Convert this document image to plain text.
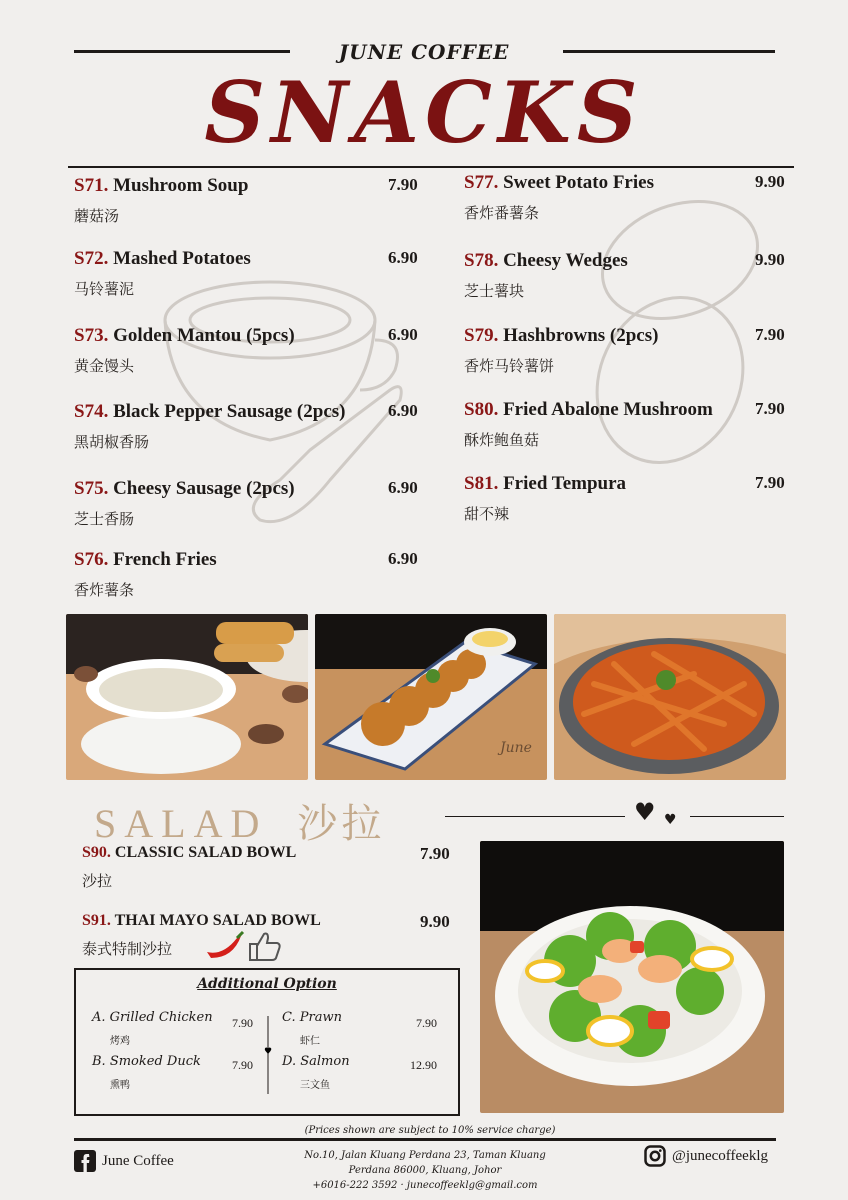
JUNE COFFEE
SNACKS
S71. Mushroom Soup
蘑菇汤
7.90
S72. Mashed Potatoes
马铃薯泥
6.90
S73. Golden Mantou (5pcs)
黄金馒头
6.90
S74. Black Pepper Sausage (2pcs)
黑胡椒香肠
6.90
S75. Cheesy Sausage (2pcs)
芝士香肠
6.90
S76. French Fries
香炸薯条
6.90
S77. Sweet Potato Fries
香炸番薯条
9.90
S78. Cheesy Wedges
芝士薯块
9.90
S79. Hashbrowns (2pcs)
香炸马铃薯饼
7.90
S80. Fried Abalone Mushroom
酥炸鲍鱼菇
7.90
S81. Fried Tempura
甜不辣
7.90
June
SALAD 沙拉	♥ ♥
S90. CLASSIC SALAD BOWL
沙拉
7.90
S91. THAI MAYO SALAD BOWL
泰式特制沙拉
9.90
Additional Option
♥
A. Grilled Chicken
烤鸡
7.90 C. Prawn
虾仁
7.90
B. Smoked Duck
熏鸭
7.90 D. Salmon
三文鱼
12.90
(Prices shown are subject to 10% service charge)
June Coffee	No.10, Jalan Kluang Perdana 23, Taman Kluang
Perdana 86000, Kluang, Johor
+6016-222 3592 · junecoffeeklg@gmail.com
@junecoffeeklg
